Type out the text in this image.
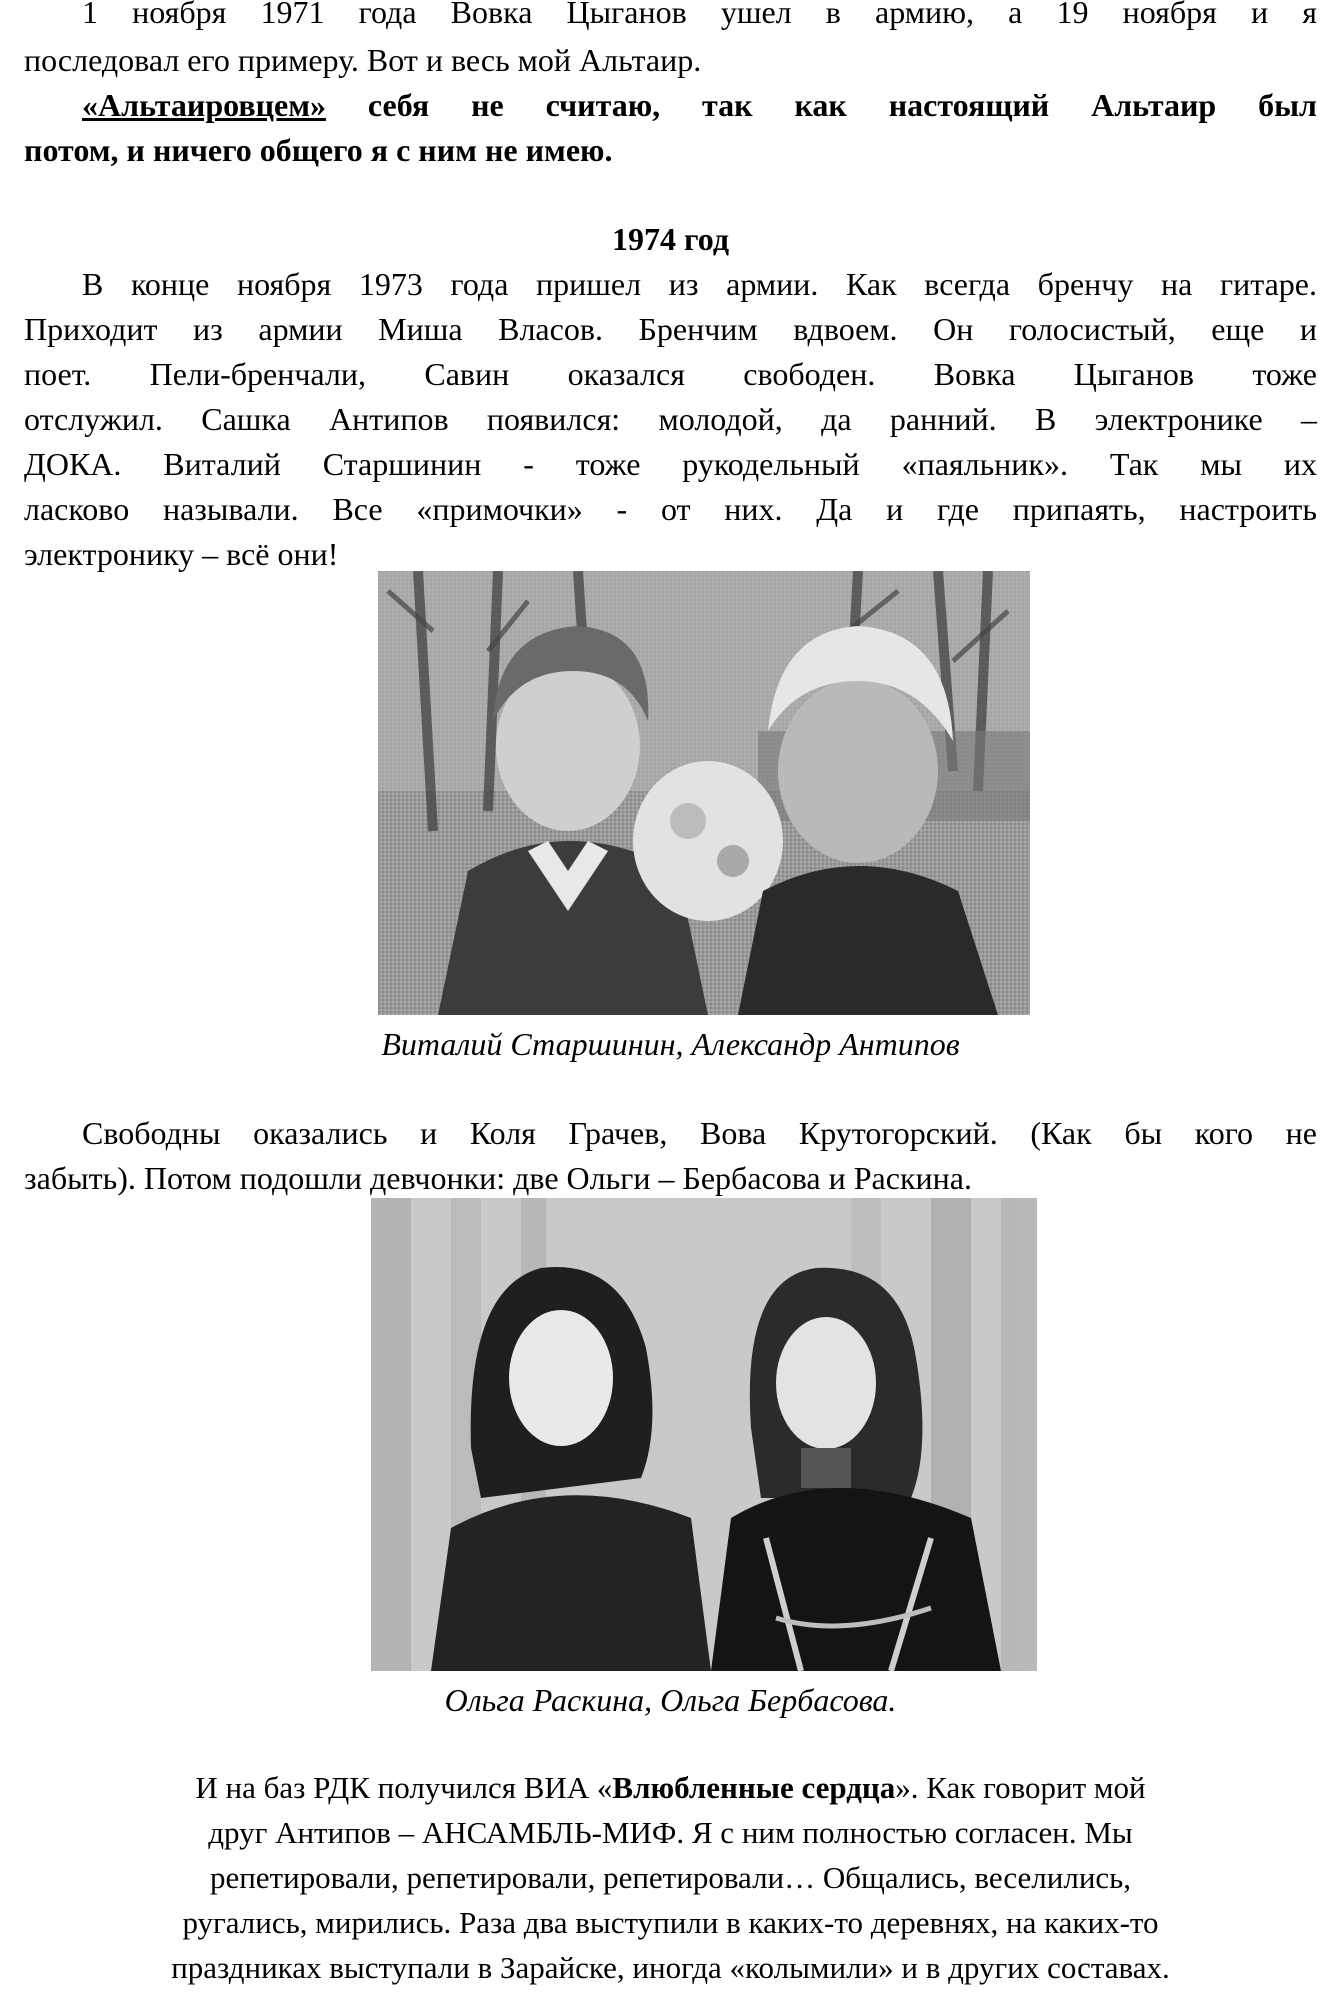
1 ноября 1971 года Вовка Цыганов ушел в армию, а 19 ноября и я
последовал его примеру. Вот и весь мой Альтаир.
«Альтаировцем» себя не считаю, так как настоящий Альтаир был
потом, и ничего общего я с ним не имею.
1974 год
В конце ноября 1973 года пришел из армии. Как всегда бренчу на гитаре.
Приходит из армии Миша Власов. Бренчим вдвоем. Он голосистый, еще и
поет. Пели-бренчали, Савин оказался свободен. Вовка Цыганов тоже
отслужил. Сашка Антипов появился: молодой, да ранний. В электронике –
ДОКА. Виталий Старшинин - тоже рукодельный «паяльник». Так мы их
ласково называли. Все «примочки» - от них. Да и где припаять, настроить
электронику – всё они!
Виталий Старшинин, Александр Антипов
Свободны оказались и Коля Грачев, Вова Крутогорский. (Как бы кого не
забыть). Потом подошли девчонки: две Ольги – Бербасова и Раскина.
Ольга Раскина, Ольга Бербасова.
И на баз РДК получился ВИА «Влюбленные сердца». Как говорит мой
друг Антипов – АНСАМБЛЬ-МИФ. Я с ним полностью согласен. Мы
репетировали, репетировали, репетировали… Общались, веселились,
ругались, мирились. Раза два выступили в каких-то деревнях, на каких-то
праздниках выступали в Зарайске, иногда «колымили» и в других составах.
